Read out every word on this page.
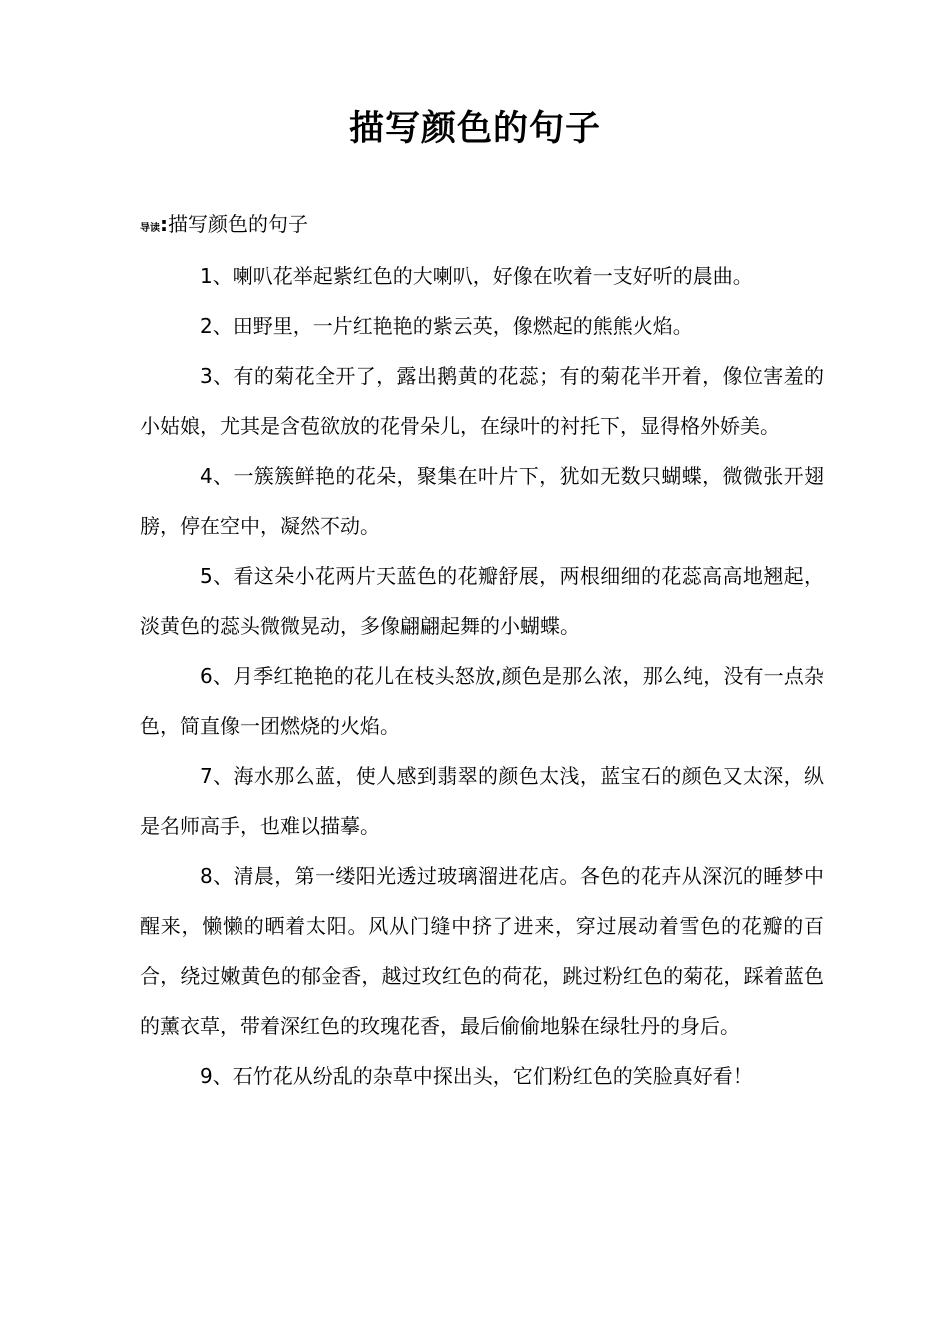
描写颜色的句子
导读:描写颜色的句子

1、喇叭花举起紫红色的大喇叭，好像在吹着一支好听的晨曲。

2、田野里，一片红艳艳的紫云英，像燃起的熊熊火焰。

3、有的菊花全开了，露出鹅黄的花蕊；有的菊花半开着，像位害羞的小姑娘，尤其是含苞欲放的花骨朵儿，在绿叶的衬托下，显得格外娇美。

4、一簇簇鲜艳的花朵，聚集在叶片下，犹如无数只蝴蝶，微微张开翅膀，停在空中，凝然不动。

5、看这朵小花两片天蓝色的花瓣舒展，两根细细的花蕊高高地翘起，淡黄色的蕊头微微晃动，多像翩翩起舞的小蝴蝶。

6、月季红艳艳的花儿在枝头怒放,颜色是那么浓，那么纯，没有一点杂色，简直像一团燃烧的火焰。

7、海水那么蓝，使人感到翡翠的颜色太浅，蓝宝石的颜色又太深，纵是名师高手，也难以描摹。

8、清晨，第一缕阳光透过玻璃溜进花店。各色的花卉从深沉的睡梦中醒来，懒懒的晒着太阳。风从门缝中挤了进来，穿过展动着雪色的花瓣的百合，绕过嫩黄色的郁金香，越过玫红色的荷花，跳过粉红色的菊花，踩着蓝色的薰衣草，带着深红色的玫瑰花香，最后偷偷地躲在绿牡丹的身后。

9、石竹花从纷乱的杂草中探出头，它们粉红色的笑脸真好看！
